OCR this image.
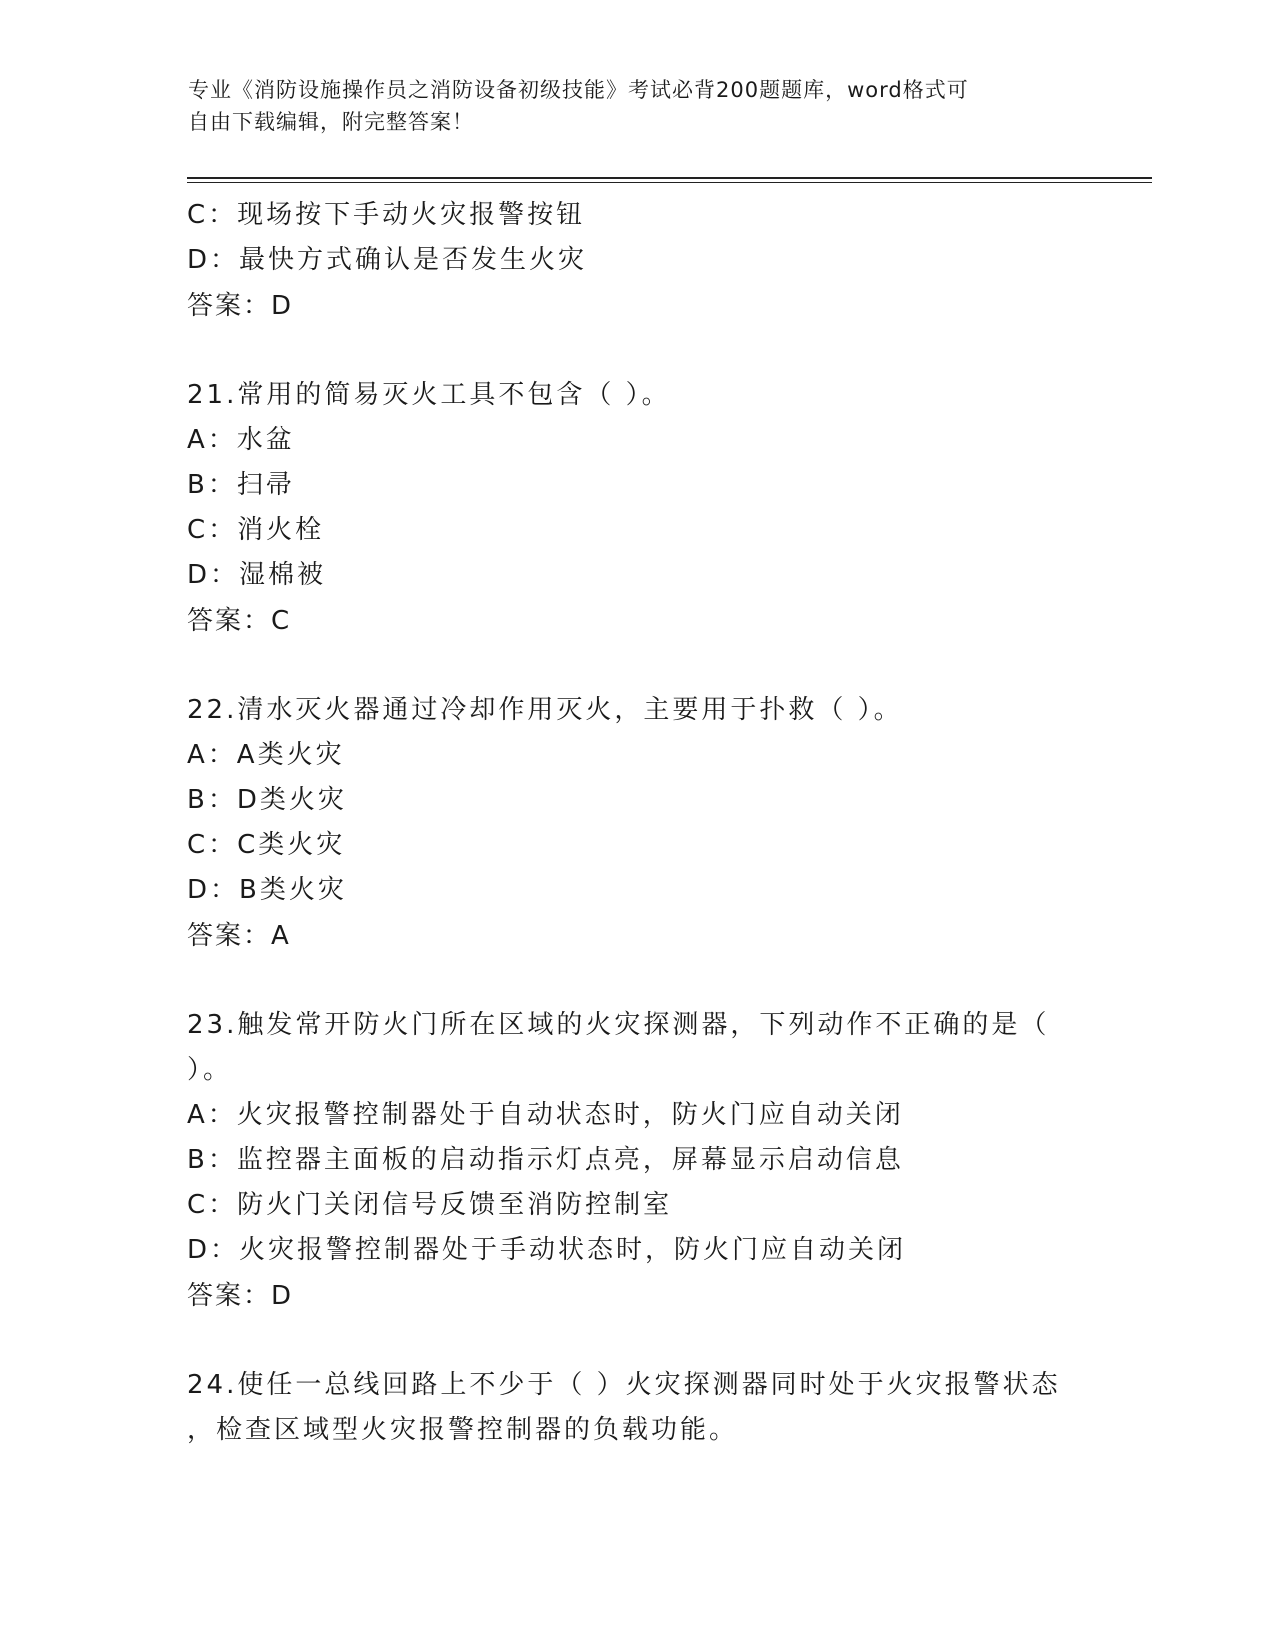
专业《消防设施操作员之消防设备初级技能》考试必背200题题库，word格式可
自由下载编辑，附完整答案！
C：现场按下手动火灾报警按钮
D：最快方式确认是否发生火灾
答案：D
21.常用的简易灭火工具不包含（ ）。
A：水盆
B：扫帚
C：消火栓
D：湿棉被
答案：C
22.清水灭火器通过冷却作用灭火，主要用于扑救（ ）。
A：A类火灾
B：D类火灾
C：C类火灾
D：B类火灾
答案：A
23.触发常开防火门所在区域的火灾探测器，下列动作不正确的是（
）。
A：火灾报警控制器处于自动状态时，防火门应自动关闭
B：监控器主面板的启动指示灯点亮，屏幕显示启动信息
C：防火门关闭信号反馈至消防控制室
D：火灾报警控制器处于手动状态时，防火门应自动关闭
答案：D
24.使任一总线回路上不少于（ ）火灾探测器同时处于火灾报警状态
，检查区域型火灾报警控制器的负载功能。
